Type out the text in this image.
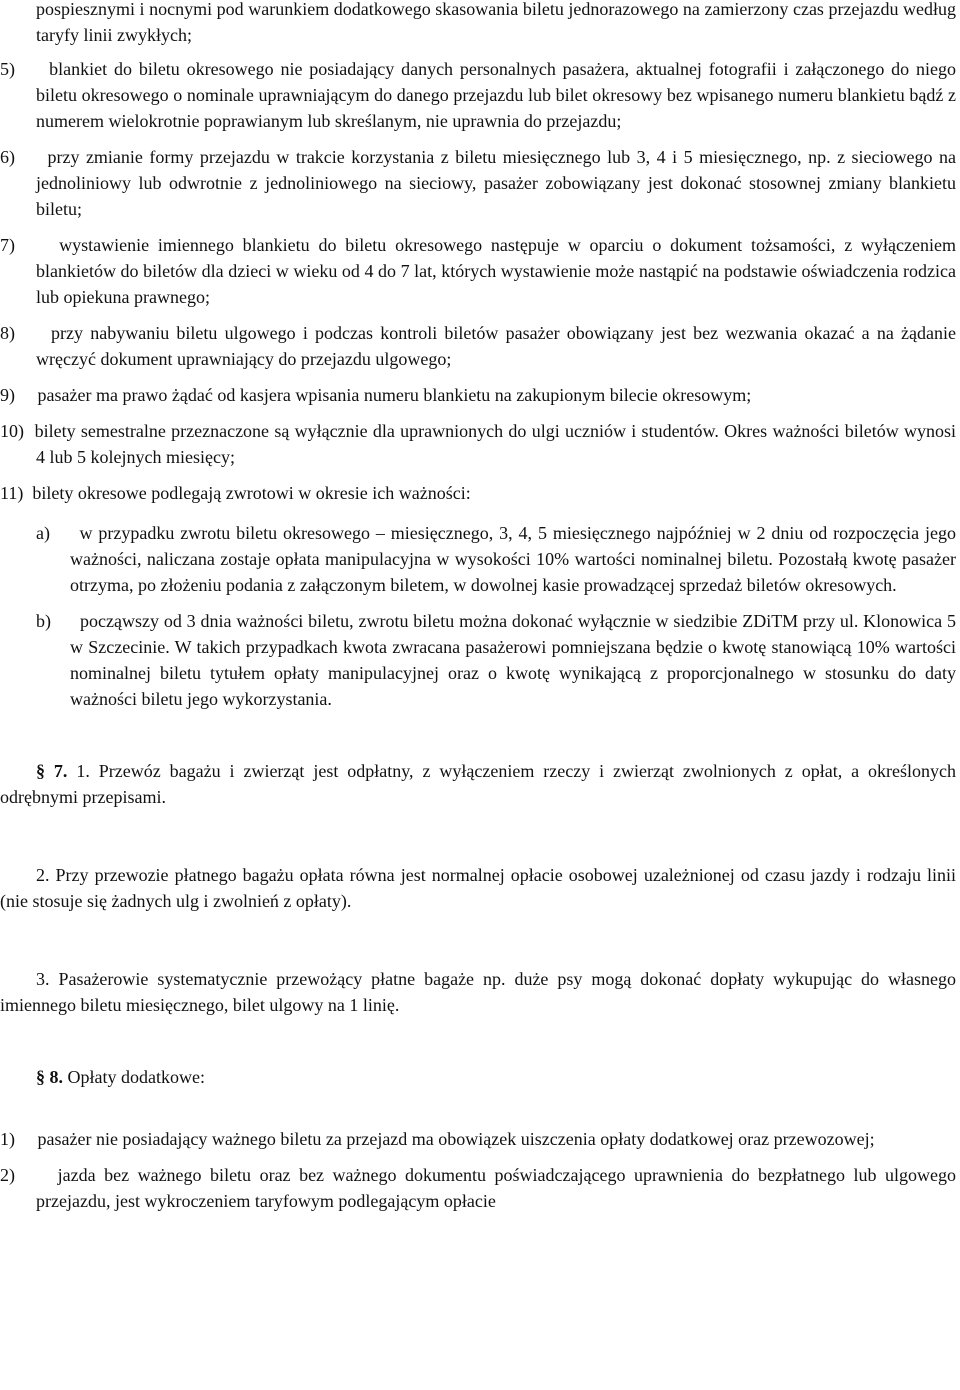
pospiesznymi i nocnymi pod warunkiem dodatkowego skasowania biletu jednorazowego na zamierzony czas przejazdu według taryfy linii zwykłych;

5) blankiet do biletu okresowego nie posiadający danych personalnych pasażera, aktualnej fotografii i załączonego do niego biletu okresowego o nominale uprawniającym do danego przejazdu lub bilet okresowy bez wpisanego numeru blankietu bądź z numerem wielokrotnie poprawianym lub skreślanym, nie uprawnia do przejazdu;

6) przy zmianie formy przejazdu w trakcie korzystania z biletu miesięcznego lub 3, 4 i 5 miesięcznego, np. z sieciowego na jednoliniowy lub odwrotnie z jednoliniowego na sieciowy, pasażer zobowiązany jest dokonać stosownej zmiany blankietu biletu;

7) wystawienie imiennego blankietu do biletu okresowego następuje w oparciu o dokument tożsamości, z wyłączeniem blankietów do biletów dla dzieci w wieku od 4 do 7 lat, których wystawienie może nastąpić na podstawie oświadczenia rodzica lub opiekuna prawnego;

8) przy nabywaniu biletu ulgowego i podczas kontroli biletów pasażer obowiązany jest bez wezwania okazać a na żądanie wręczyć dokument uprawniający do przejazdu ulgowego;

9) pasażer ma prawo żądać od kasjera wpisania numeru blankietu na zakupionym bilecie okresowym;

10) bilety semestralne przeznaczone są wyłącznie dla uprawnionych do ulgi uczniów i studentów. Okres ważności biletów wynosi 4 lub 5 kolejnych miesięcy;

11) bilety okresowe podlegają zwrotowi w okresie ich ważności:

a) w przypadku zwrotu biletu okresowego – miesięcznego, 3, 4, 5 miesięcznego najpóźniej w 2 dniu od rozpoczęcia jego ważności, naliczana zostaje opłata manipulacyjna w wysokości 10% wartości nominalnej biletu. Pozostałą kwotę pasażer otrzyma, po złożeniu podania z załączonym biletem, w dowolnej kasie prowadzącej sprzedaż biletów okresowych.

b) począwszy od 3 dnia ważności biletu, zwrotu biletu można dokonać wyłącznie w siedzibie ZDiTM przy ul. Klonowica 5 w Szczecinie. W takich przypadkach kwota zwracana pasażerowi pomniejszana będzie o kwotę stanowiącą 10% wartości nominalnej biletu tytułem opłaty manipulacyjnej oraz o kwotę wynikającą z proporcjonalnego w stosunku do daty ważności biletu jego wykorzystania.

§ 7. 1. Przewóz bagażu i zwierząt jest odpłatny, z wyłączeniem rzeczy i zwierząt zwolnionych z opłat, a określonych odrębnymi przepisami.

2. Przy przewozie płatnego bagażu opłata równa jest normalnej opłacie osobowej uzależnionej od czasu jazdy i rodzaju linii (nie stosuje się żadnych ulg i zwolnień z opłaty).

3. Pasażerowie systematycznie przewożący płatne bagaże np. duże psy mogą dokonać dopłaty wykupując do własnego imiennego biletu miesięcznego, bilet ulgowy na 1 linię.

§ 8. Opłaty dodatkowe:

1) pasażer nie posiadający ważnego biletu za przejazd ma obowiązek uiszczenia opłaty dodatkowej oraz przewozowej;

2) jazda bez ważnego biletu oraz bez ważnego dokumentu poświadczającego uprawnienia do bezpłatnego lub ulgowego przejazdu, jest wykroczeniem taryfowym podlegającym opłacie
